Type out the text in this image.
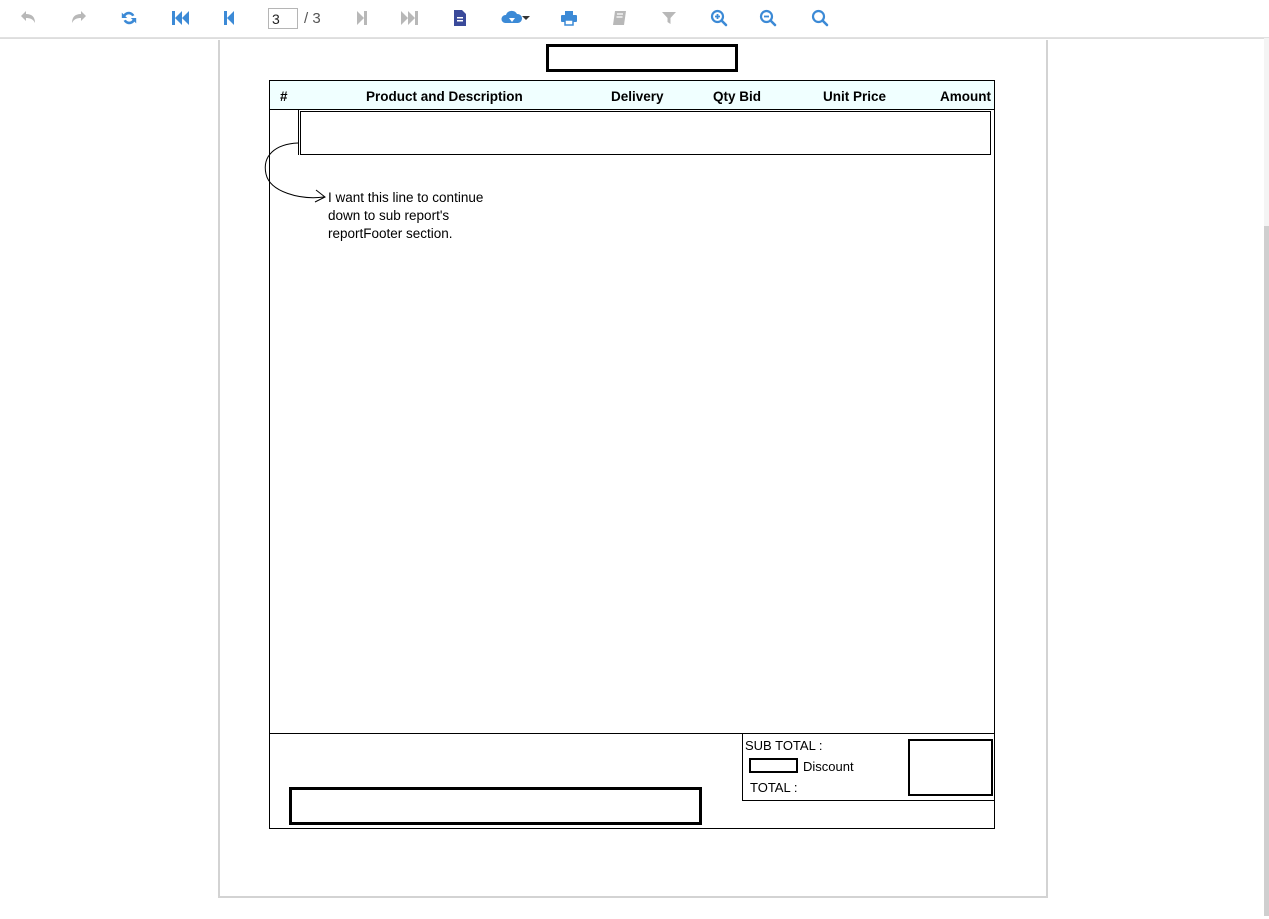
3
/ 3
#	Product and Description	Delivery	Qty Bid	Unit Price	Amount
I want this line to continue
down to sub report's
reportFooter section.
SUB TOTAL :
Discount
TOTAL :
